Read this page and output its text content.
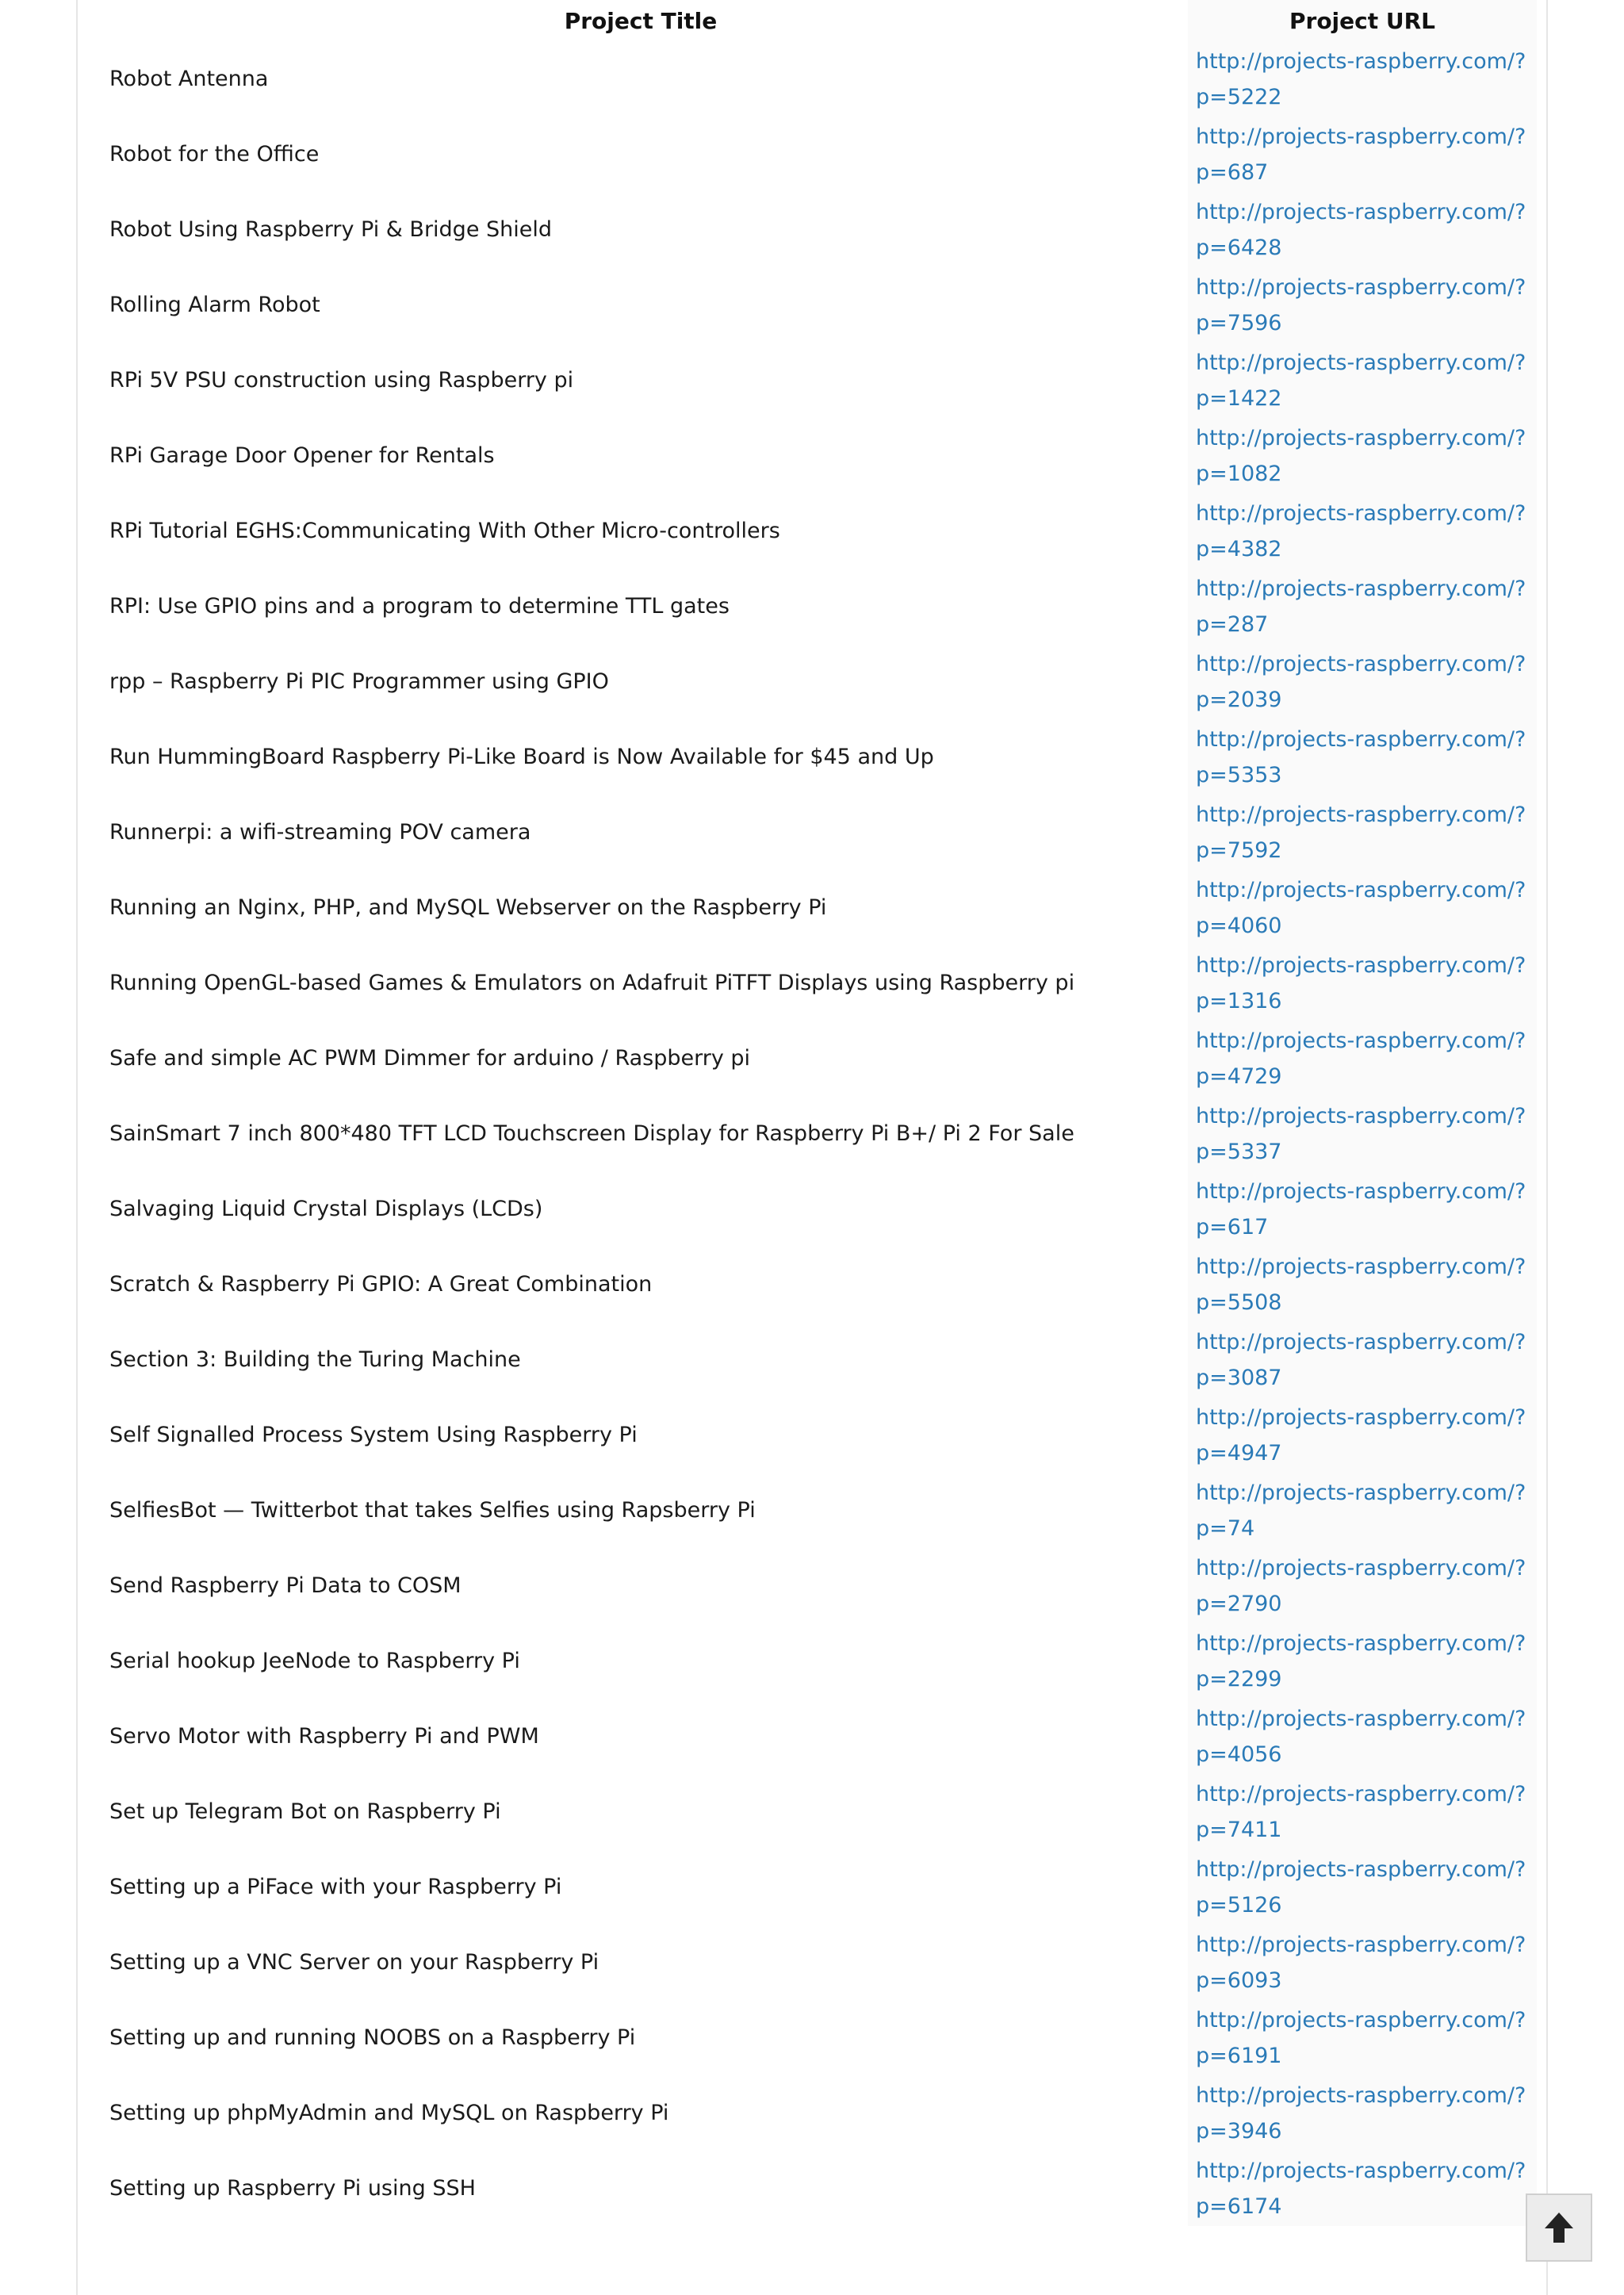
Project Title	Project URL
Robot Antenna	http://projects-raspberry.com/?
p=5222

Robot for the Office	http://projects-raspberry.com/?
p=687

Robot Using Raspberry Pi & Bridge Shield	http://projects-raspberry.com/?
p=6428

Rolling Alarm Robot	http://projects-raspberry.com/?
p=7596

RPi 5V PSU construction using Raspberry pi	http://projects-raspberry.com/?
p=1422

RPi Garage Door Opener for Rentals	http://projects-raspberry.com/?
p=1082

RPi Tutorial EGHS:Communicating With Other Micro-controllers	http://projects-raspberry.com/?
p=4382

RPI: Use GPIO pins and a program to determine TTL gates	http://projects-raspberry.com/?
p=287

rpp – Raspberry Pi PIC Programmer using GPIO	http://projects-raspberry.com/?
p=2039

Run HummingBoard Raspberry Pi-Like Board is Now Available for $45 and Up	http://projects-raspberry.com/?
p=5353

Runnerpi: a wifi-streaming POV camera	http://projects-raspberry.com/?
p=7592

Running an Nginx, PHP, and MySQL Webserver on the Raspberry Pi	http://projects-raspberry.com/?
p=4060

Running OpenGL-based Games & Emulators on Adafruit PiTFT Displays using Raspberry pi	http://projects-raspberry.com/?
p=1316

Safe and simple AC PWM Dimmer for arduino / Raspberry pi	http://projects-raspberry.com/?
p=4729

SainSmart 7 inch 800*480 TFT LCD Touchscreen Display for Raspberry Pi B+/ Pi 2 For Sale	http://projects-raspberry.com/?
p=5337

Salvaging Liquid Crystal Displays (LCDs)	http://projects-raspberry.com/?
p=617

Scratch & Raspberry Pi GPIO: A Great Combination	http://projects-raspberry.com/?
p=5508

Section 3: Building the Turing Machine	http://projects-raspberry.com/?
p=3087

Self Signalled Process System Using Raspberry Pi	http://projects-raspberry.com/?
p=4947

SelfiesBot — Twitterbot that takes Selfies using Rapsberry Pi	http://projects-raspberry.com/?
p=74

Send Raspberry Pi Data to COSM	http://projects-raspberry.com/?
p=2790

Serial hookup JeeNode to Raspberry Pi	http://projects-raspberry.com/?
p=2299

Servo Motor with Raspberry Pi and PWM	http://projects-raspberry.com/?
p=4056

Set up Telegram Bot on Raspberry Pi	http://projects-raspberry.com/?
p=7411

Setting up a PiFace with your Raspberry Pi	http://projects-raspberry.com/?
p=5126

Setting up a VNC Server on your Raspberry Pi	http://projects-raspberry.com/?
p=6093

Setting up and running NOOBS on a Raspberry Pi	http://projects-raspberry.com/?
p=6191

Setting up phpMyAdmin and MySQL on Raspberry Pi	http://projects-raspberry.com/?
p=3946

Setting up Raspberry Pi using SSH	http://projects-raspberry.com/?
p=6174
